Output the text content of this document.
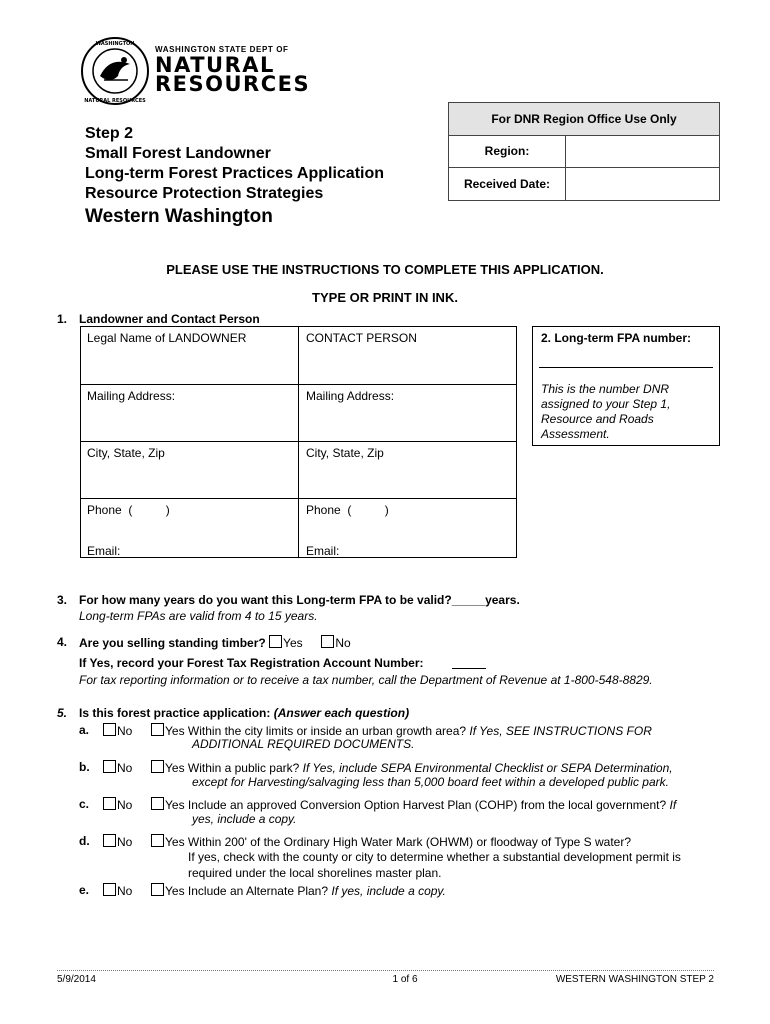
WASHINGTON
NATURAL RESOURCES
WASHINGTON STATE DEPT OF
NATURAL
RESOURCES
Step 2
Small Forest Landowner
Long-term Forest Practices Application
Resource Protection Strategies
Western Washington
For DNR Region Office Use Only
Region:
Received Date:
PLEASE USE THE INSTRUCTIONS TO COMPLETE THIS APPLICATION.
TYPE OR PRINT IN INK.
1. Landowner and Contact Person
Legal Name of LANDOWNER	CONTACT PERSON
Mailing Address:	Mailing Address:
City, State, Zip	City, State, Zip
Phone  (          )	Phone  (          )
Email:	Email:
2. Long-term FPA number:
This is the number DNR assigned to your Step 1, Resource and Roads Assessment.
3. For how many years do you want this Long-term FPA to be valid?_____years.
Long-term FPAs are valid from 4 to 15 years.
4. Are you selling standing timber? Yes	No
If Yes, record your Forest Tax Registration Account Number:
For tax reporting information or to receive a tax number, call the Department of Revenue at 1-800-548-8829.
5. Is this forest practice application: (Answer each question)
a.	No	Yes Within the city limits or inside an urban growth area? If Yes, SEE INSTRUCTIONS FOR
ADDITIONAL REQUIRED DOCUMENTS.
b.	No	Yes Within a public park? If Yes, include SEPA Environmental Checklist or SEPA Determination,
except for Harvesting/salvaging less than 5,000 board feet within a developed public park.
c.	No	Yes Include an approved Conversion Option Harvest Plan (COHP) from the local government? If
yes, include a copy.
d.	No	Yes Within 200' of the Ordinary High Water Mark (OHWM) or floodway of Type S water?
If yes, check with the county or city to determine whether a substantial development permit is
required under the local shorelines master plan.
e.	No	Yes Include an Alternate Plan? If yes, include a copy.
5/9/2014	1 of 6	WESTERN WASHINGTON STEP 2
